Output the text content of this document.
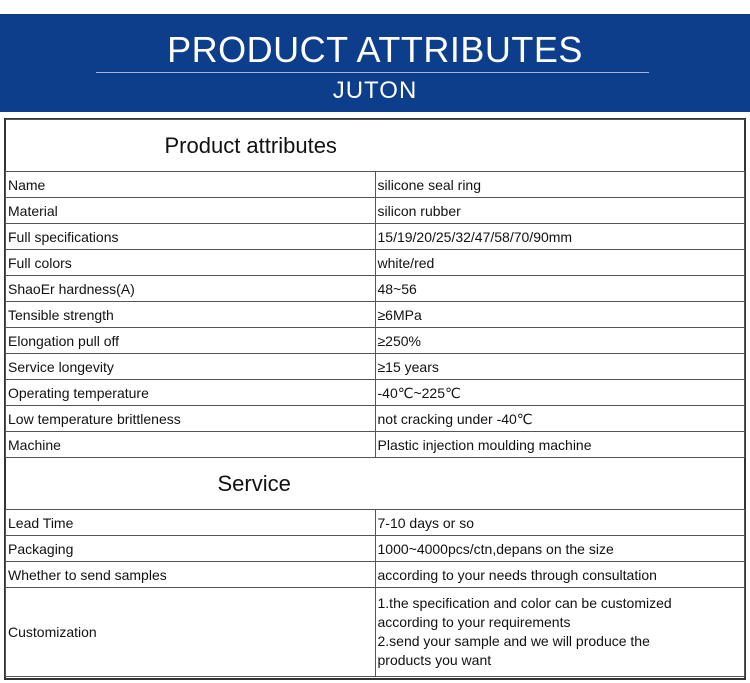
PRODUCT ATTRIBUTES
JUTON
Product attributes	
Name	silicone seal ring
Material	silicon rubber
Full specifications	15/19/20/25/32/47/58/70/90mm
Full colors	white/red
ShaoEr hardness(A)	48~56
Tensible strength	≥6MPa
Elongation pull off	≥250%
Service longevity	≥15 years
Operating temperature	-40℃~225℃
Low temperature brittleness	not cracking under -40℃
Machine	Plastic injection moulding machine
Service	
Lead Time	7-10 days or so
Packaging	1000~4000pcs/ctn,depans on the size
Whether to send samples	according to your needs through consultation
Customization	1.the specification and color can be customized
according to your requirements
2.send your sample and we will produce the
products you want
